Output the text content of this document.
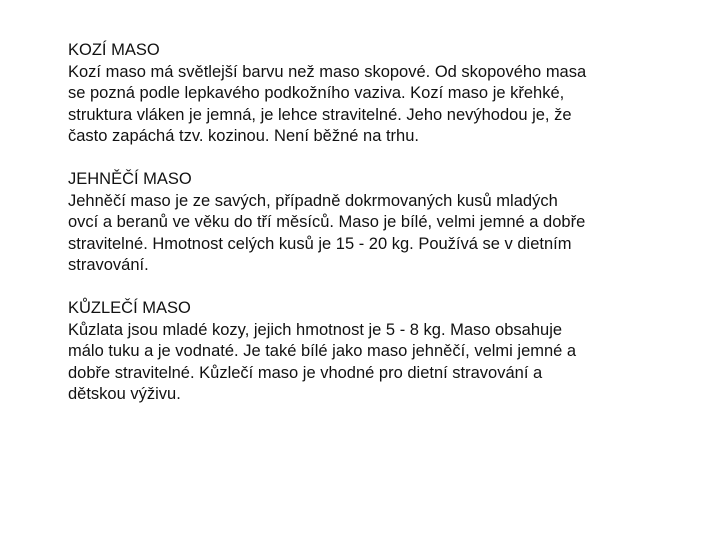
KOZÍ MASO
Kozí maso má světlejší barvu než maso skopové. Od skopového masa
se pozná podle lepkavého podkožního vaziva. Kozí maso je křehké,
struktura vláken je jemná, je lehce stravitelné. Jeho nevýhodou je, že
často zapáchá tzv. kozinou. Není běžné na trhu.
JEHNĚČÍ MASO
Jehněčí maso je ze savých, případně dokrmovaných kusů mladých
ovcí a beranů ve věku do tří měsíců. Maso je bílé, velmi jemné a dobře
stravitelné. Hmotnost celých kusů je 15 - 20 kg. Používá se v dietním
stravování.
KŮZLEČÍ MASO
Kůzlata jsou mladé kozy, jejich hmotnost je 5 - 8 kg. Maso obsahuje
málo tuku a je vodnaté. Je také bílé jako maso jehněčí, velmi jemné a
dobře stravitelné. Kůzlečí maso je vhodné pro dietní stravování a
dětskou výživu.
